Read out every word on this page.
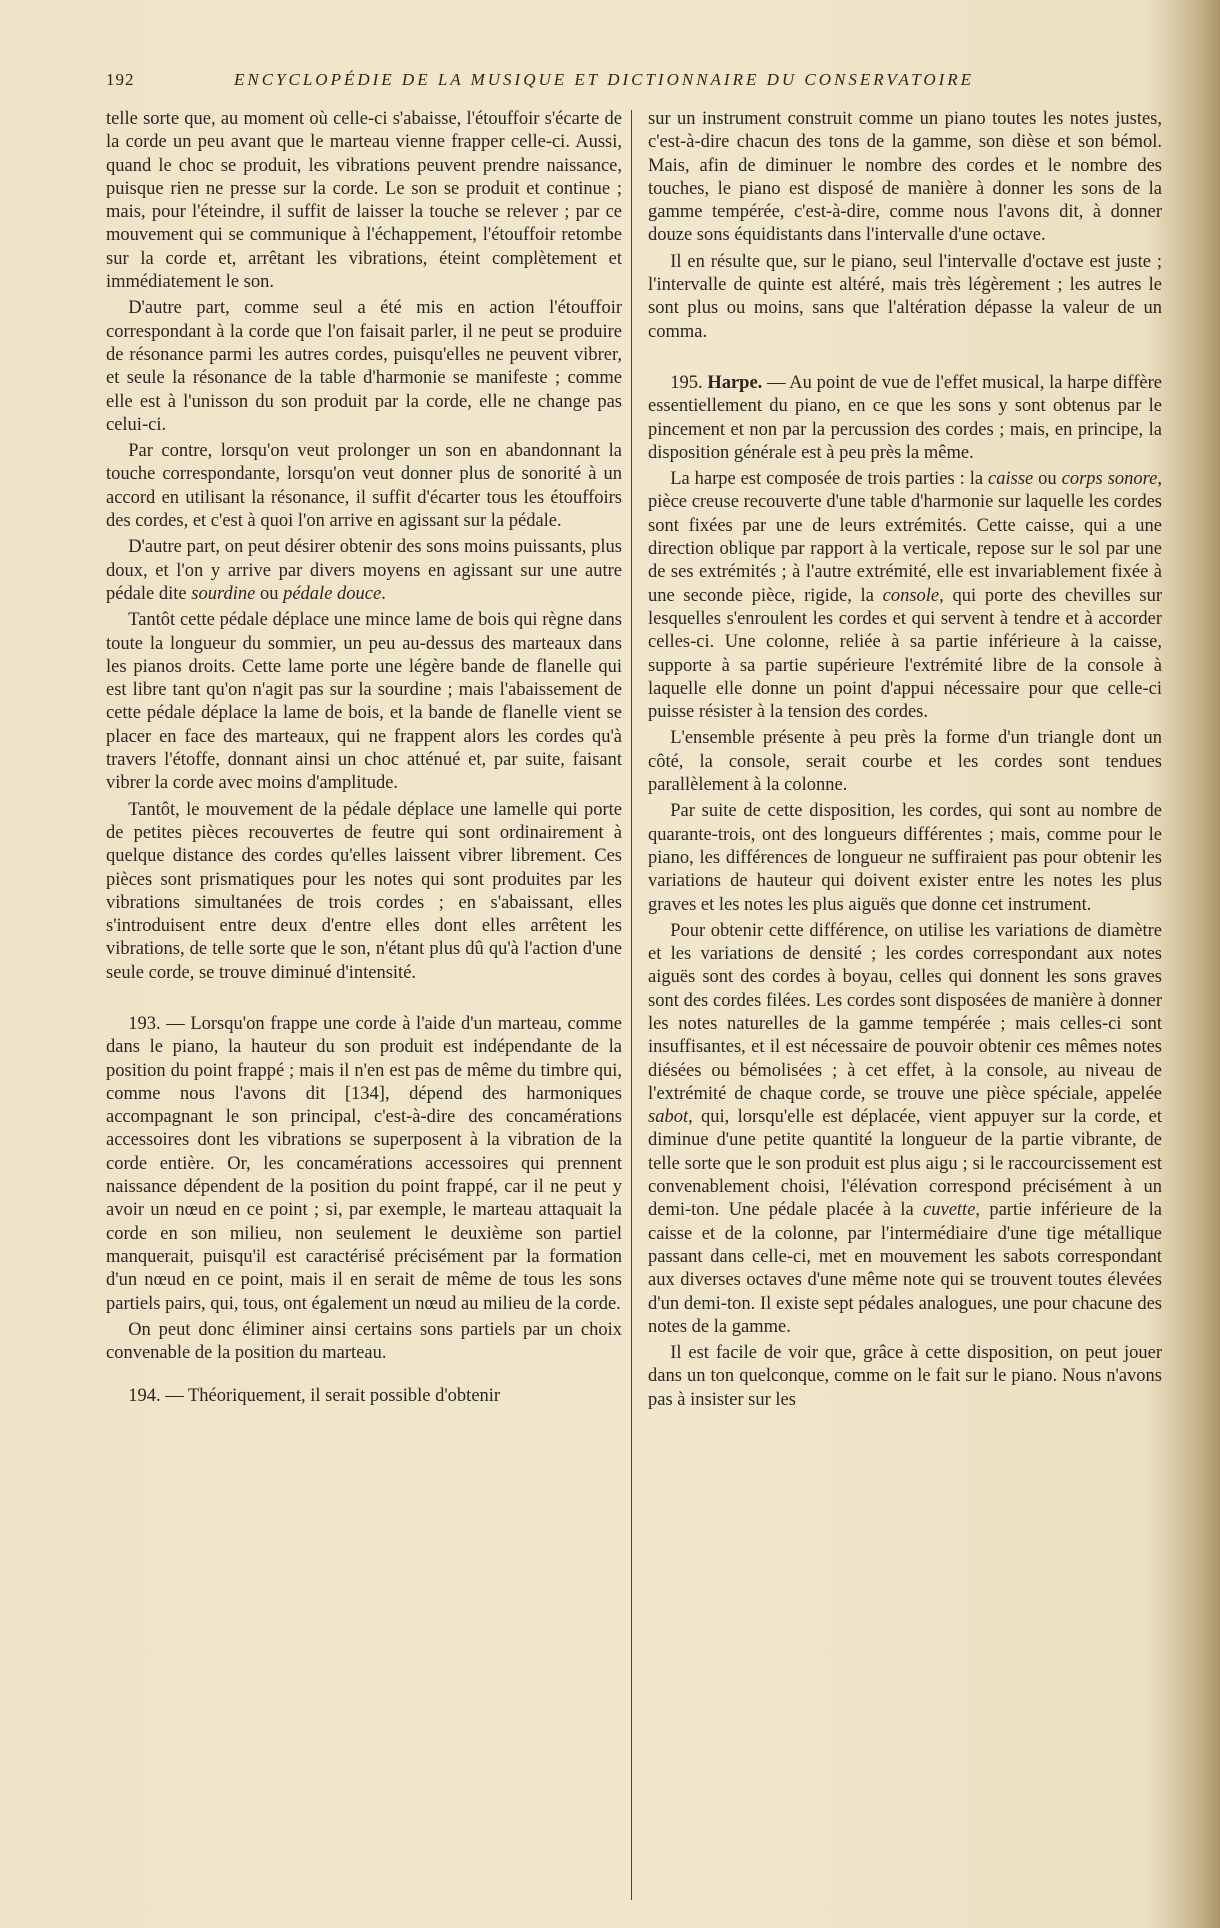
192	ENCYCLOPÉDIE DE LA MUSIQUE ET DICTIONNAIRE DU CONSERVATOIRE

telle sorte que, au moment où celle-ci s'abaisse, l'étouffoir s'écarte de la corde un peu avant que le marteau vienne frapper celle-ci. Aussi, quand le choc se produit, les vibrations peuvent prendre naissance, puisque rien ne presse sur la corde. Le son se produit et continue ; mais, pour l'éteindre, il suffit de laisser la touche se relever ; par ce mouvement qui se communique à l'échappement, l'étouffoir retombe sur la corde et, arrêtant les vibrations, éteint complètement et immédiatement le son.

D'autre part, comme seul a été mis en action l'étouffoir correspondant à la corde que l'on faisait parler, il ne peut se produire de résonance parmi les autres cordes, puisqu'elles ne peuvent vibrer, et seule la résonance de la table d'harmonie se manifeste ; comme elle est à l'unisson du son produit par la corde, elle ne change pas celui-ci.

Par contre, lorsqu'on veut prolonger un son en abandonnant la touche correspondante, lorsqu'on veut donner plus de sonorité à un accord en utilisant la résonance, il suffit d'écarter tous les étouffoirs des cordes, et c'est à quoi l'on arrive en agissant sur la pédale.

D'autre part, on peut désirer obtenir des sons moins puissants, plus doux, et l'on y arrive par divers moyens en agissant sur une autre pédale dite sourdine ou pédale douce.

Tantôt cette pédale déplace une mince lame de bois qui règne dans toute la longueur du sommier, un peu au-dessus des marteaux dans les pianos droits. Cette lame porte une légère bande de flanelle qui est libre tant qu'on n'agit pas sur la sourdine ; mais l'abaissement de cette pédale déplace la lame de bois, et la bande de flanelle vient se placer en face des marteaux, qui ne frappent alors les cordes qu'à travers l'étoffe, donnant ainsi un choc atténué et, par suite, faisant vibrer la corde avec moins d'amplitude.

Tantôt, le mouvement de la pédale déplace une lamelle qui porte de petites pièces recouvertes de feutre qui sont ordinairement à quelque distance des cordes qu'elles laissent vibrer librement. Ces pièces sont prismatiques pour les notes qui sont produites par les vibrations simultanées de trois cordes ; en s'abaissant, elles s'introduisent entre deux d'entre elles dont elles arrêtent les vibrations, de telle sorte que le son, n'étant plus dû qu'à l'action d'une seule corde, se trouve diminué d'intensité.

193. — Lorsqu'on frappe une corde à l'aide d'un marteau, comme dans le piano, la hauteur du son produit est indépendante de la position du point frappé ; mais il n'en est pas de même du timbre qui, comme nous l'avons dit [134], dépend des harmoniques accompagnant le son principal, c'est-à-dire des concamérations accessoires dont les vibrations se superposent à la vibration de la corde entière. Or, les concamérations accessoires qui prennent naissance dépendent de la position du point frappé, car il ne peut y avoir un nœud en ce point ; si, par exemple, le marteau attaquait la corde en son milieu, non seulement le deuxième son partiel manquerait, puisqu'il est caractérisé précisément par la formation d'un nœud en ce point, mais il en serait de même de tous les sons partiels pairs, qui, tous, ont également un nœud au milieu de la corde.

On peut donc éliminer ainsi certains sons partiels par un choix convenable de la position du marteau.

194. — Théoriquement, il serait possible d'obtenir

sur un instrument construit comme un piano toutes les notes justes, c'est-à-dire chacun des tons de la gamme, son dièse et son bémol. Mais, afin de diminuer le nombre des cordes et le nombre des touches, le piano est disposé de manière à donner les sons de la gamme tempérée, c'est-à-dire, comme nous l'avons dit, à donner douze sons équidistants dans l'intervalle d'une octave.

Il en résulte que, sur le piano, seul l'intervalle d'octave est juste ; l'intervalle de quinte est altéré, mais très légèrement ; les autres le sont plus ou moins, sans que l'altération dépasse la valeur de un comma.

195. Harpe. — Au point de vue de l'effet musical, la harpe diffère essentiellement du piano, en ce que les sons y sont obtenus par le pincement et non par la percussion des cordes ; mais, en principe, la disposition générale est à peu près la même.

La harpe est composée de trois parties : la caisse ou corps sonore, pièce creuse recouverte d'une table d'harmonie sur laquelle les cordes sont fixées par une de leurs extrémités. Cette caisse, qui a une direction oblique par rapport à la verticale, repose sur le sol par une de ses extrémités ; à l'autre extrémité, elle est invariablement fixée à une seconde pièce, rigide, la console, qui porte des chevilles sur lesquelles s'enroulent les cordes et qui servent à tendre et à accorder celles-ci. Une colonne, reliée à sa partie inférieure à la caisse, supporte à sa partie supérieure l'extrémité libre de la console à laquelle elle donne un point d'appui nécessaire pour que celle-ci puisse résister à la tension des cordes.

L'ensemble présente à peu près la forme d'un triangle dont un côté, la console, serait courbe et les cordes sont tendues parallèlement à la colonne.

Par suite de cette disposition, les cordes, qui sont au nombre de quarante-trois, ont des longueurs différentes ; mais, comme pour le piano, les différences de longueur ne suffiraient pas pour obtenir les variations de hauteur qui doivent exister entre les notes les plus graves et les notes les plus aiguës que donne cet instrument.

Pour obtenir cette différence, on utilise les variations de diamètre et les variations de densité ; les cordes correspondant aux notes aiguës sont des cordes à boyau, celles qui donnent les sons graves sont des cordes filées. Les cordes sont disposées de manière à donner les notes naturelles de la gamme tempérée ; mais celles-ci sont insuffisantes, et il est nécessaire de pouvoir obtenir ces mêmes notes diésées ou bémolisées ; à cet effet, à la console, au niveau de l'extrémité de chaque corde, se trouve une pièce spéciale, appelée sabot, qui, lorsqu'elle est déplacée, vient appuyer sur la corde, et diminue d'une petite quantité la longueur de la partie vibrante, de telle sorte que le son produit est plus aigu ; si le raccourcissement est convenablement choisi, l'élévation correspond précisément à un demi-ton. Une pédale placée à la cuvette, partie inférieure de la caisse et de la colonne, par l'intermédiaire d'une tige métallique passant dans celle-ci, met en mouvement les sabots correspondant aux diverses octaves d'une même note qui se trouvent toutes élevées d'un demi-ton. Il existe sept pédales analogues, une pour chacune des notes de la gamme.

Il est facile de voir que, grâce à cette disposition, on peut jouer dans un ton quelconque, comme on le fait sur le piano. Nous n'avons pas à insister sur les
